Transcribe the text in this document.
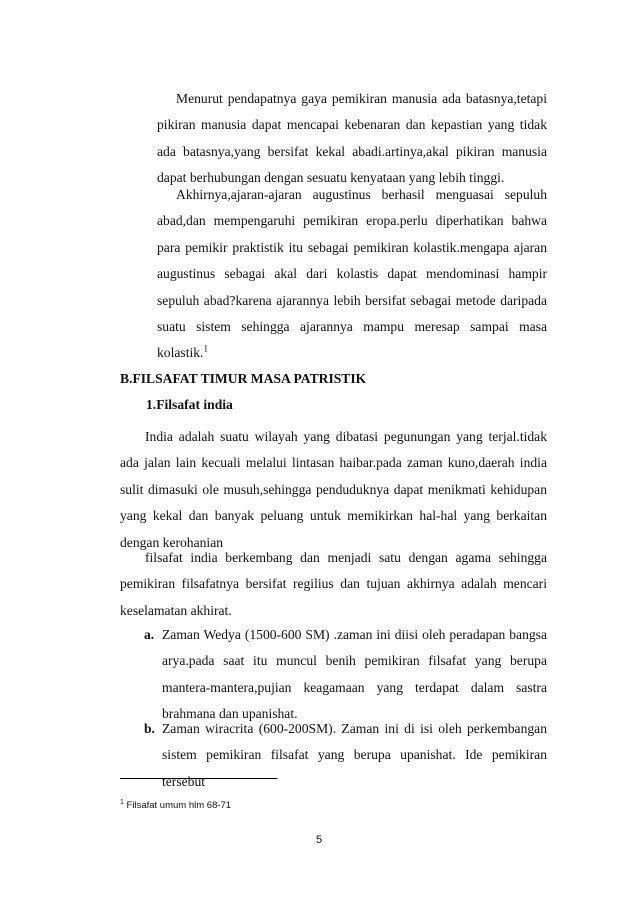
Menurut pendapatnya gaya pemikiran manusia ada batasnya,tetapi pikiran manusia dapat mencapai kebenaran dan kepastian yang tidak ada batasnya,yang bersifat kekal abadi.artinya,akal pikiran manusia dapat berhubungan dengan sesuatu kenyataan yang lebih tinggi.

Akhirnya,ajaran-ajaran augustinus berhasil menguasai sepuluh abad,dan mempengaruhi pemikiran eropa.perlu diperhatikan bahwa para pemikir praktistik itu sebagai pemikiran kolastik.mengapa ajaran augustinus sebagai akal dari kolastis dapat mendominasi hampir sepuluh abad?karena ajarannya lebih bersifat sebagai metode daripada suatu sistem sehingga ajarannya mampu meresap sampai masa kolastik.$^1$

B.FILSAFAT TIMUR MASA PATRISTIK
1.Filsafat india

India adalah suatu wilayah yang dibatasi pegunungan yang terjal.tidak ada jalan lain kecuali melalui lintasan haibar.pada zaman kuno,daerah india sulit dimasuki ole musuh,sehingga penduduknya dapat menikmati kehidupan yang kekal dan banyak peluang untuk memikirkan hal-hal yang berkaitan dengan kerohanian

filsafat india berkembang dan menjadi satu dengan agama sehingga pemikiran filsafatnya bersifat regilius dan tujuan akhirnya adalah mencari keselamatan akhirat.

a. Zaman Wedya (1500-600 SM) .zaman ini diisi oleh peradapan bangsa arya.pada saat itu muncul benih pemikiran filsafat yang berupa mantera-mantera,pujian keagamaan yang terdapat dalam sastra brahmana dan upanishat.
b. Zaman wiracrita (600-200SM). Zaman ini di isi oleh perkembangan sistem pemikiran filsafat yang berupa upanishat. Ide pemikiran tersebut
$^1$ Filsafat umum hlm 68-71
5
